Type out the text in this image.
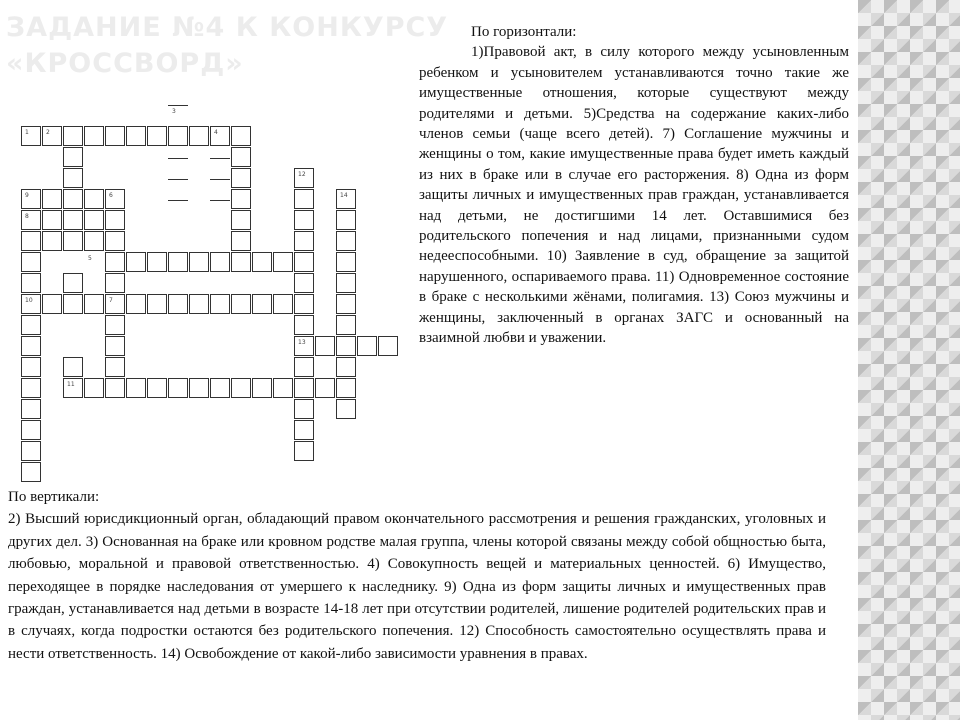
ЗАДАНИЕ №4 К КОНКУРСУ
«КРОССВОРД»
1	2
3
4
5
6
7
8
9
10
11
12
13
14
По горизонтали:
1)Правовой акт, в силу которого между усыновленным ребенком и усыновителем устанавливаются точно такие же имущественные отношения, которые существуют между родителями и детьми. 5)Средства на содержание каких-либо членов семьи (чаще всего детей). 7) Соглашение мужчины и женщины о том, какие имущественные права будет иметь каждый из них в браке или в случае его расторжения. 8) Одна из форм защиты личных и имущественных прав граждан, устанавливается над детьми, не достигшими 14 лет. Оставшимися без родительского попечения и над лицами, признанными судом недееспособными. 10) Заявление в суд, обращение за защитой нарушенного, оспариваемого права. 11) Одновременное состояние в браке с несколькими жёнами, полигамия. 13) Союз мужчины и женщины, заключенный в органах ЗАГС и основанный на взаимной любви и уважении.
По вертикали:
2) Высший юрисдикционный орган, обладающий правом окончательного рассмотрения и решения гражданских, уголовных и других дел. 3) Основанная на браке или кровном родстве малая группа, члены которой связаны между собой общностью быта, любовью, моральной и правовой ответственностью. 4) Совокупность вещей и материальных ценностей. 6) Имущество, переходящее в порядке наследования от умершего к наследнику. 9) Одна из форм защиты личных и имущественных прав граждан, устанавливается над детьми в возрасте 14-18 лет при отсутствии родителей, лишение родителей родительских прав и в случаях, когда подростки остаются без родительского попечения. 12) Способность самостоятельно осуществлять права и нести ответственность. 14) Освобождение от какой-либо зависимости уравнения в правах.
